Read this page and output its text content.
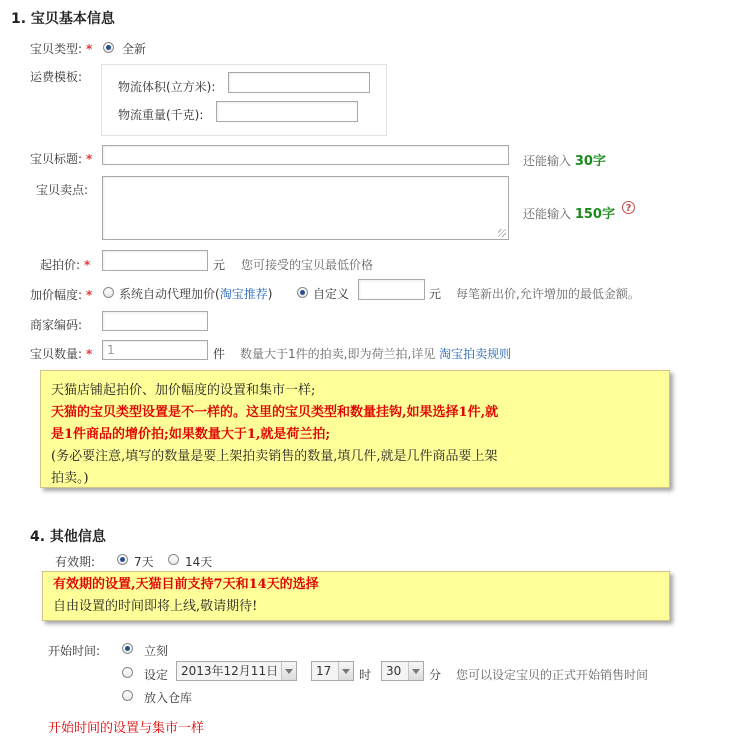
1. 宝贝基本信息
宝贝类型: * 全新
运费模板:
物流体积(立方米):
物流重量(千克):
宝贝标题: *	还能输入 30字
宝贝卖点:
还能输入 150字	?
起拍价: *	元 您可接受的宝贝最低价格
加价幅度: * 系统自动代理加价(淘宝推荐)	自定义	元 每笔新出价,允许增加的最低金额。
商家编码:
宝贝数量: *	1	件 数量大于1件的拍卖,即为荷兰拍,详见 淘宝拍卖规则
天猫店铺起拍价、加价幅度的设置和集市一样;
天猫的宝贝类型设置是不一样的。这里的宝贝类型和数量挂钩,如果选择1件,就
是1件商品的增价拍;如果数量大于1,就是荷兰拍;
(务必要注意,填写的数量是要上架拍卖销售的数量,填几件,就是几件商品要上架
拍卖。)
4. 其他信息
有效期:	7天	14天
有效期的设置,天猫目前支持7天和14天的选择
自由设置的时间即将上线,敬请期待!
开始时间:	立刻
设定	2013年12月11日	17	时	30	分 您可以设定宝贝的正式开始销售时间
放入仓库
开始时间的设置与集市一样
